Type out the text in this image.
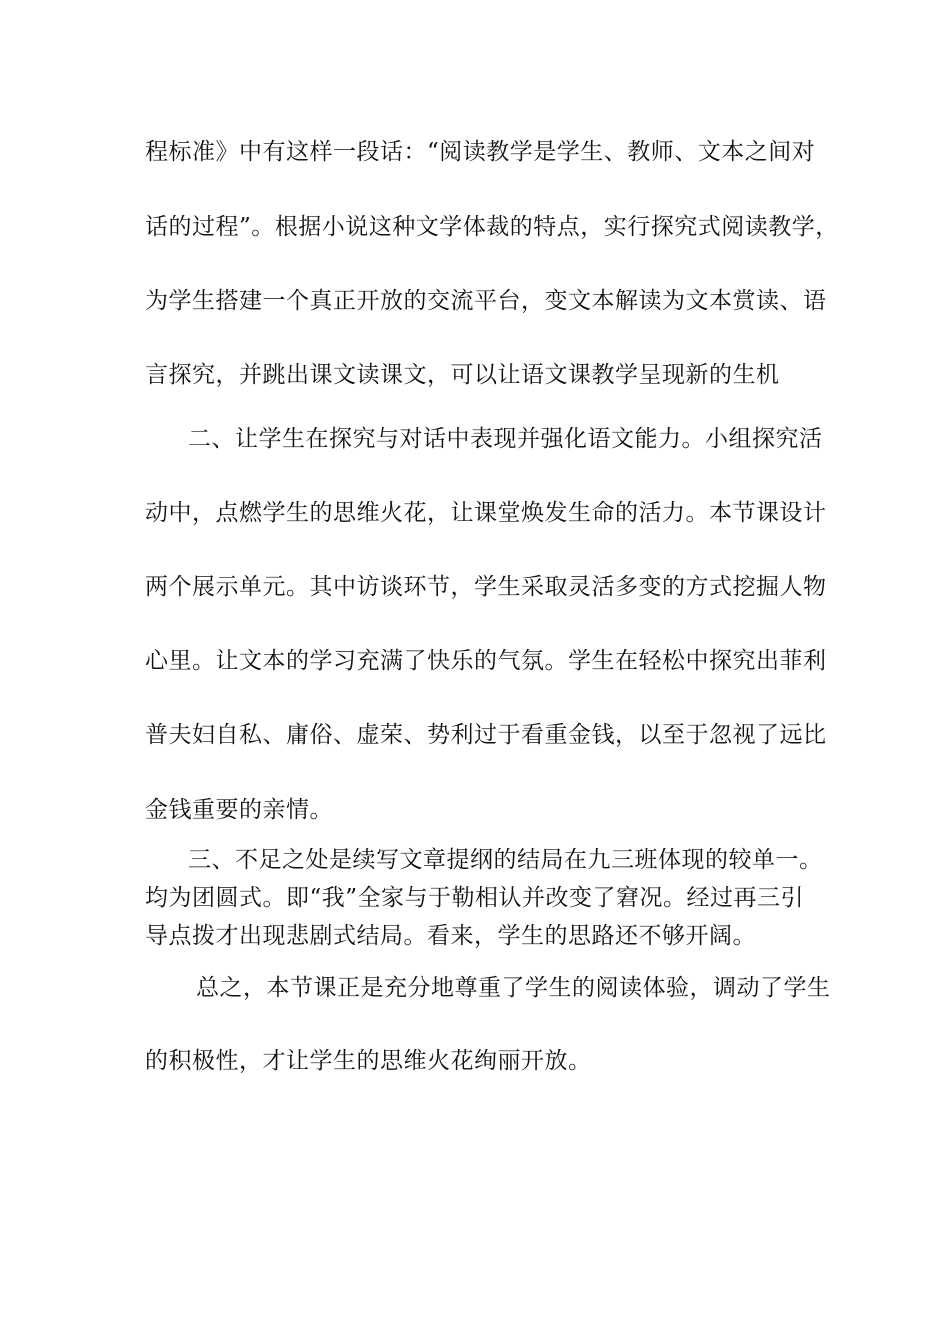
程标准》中有这样一段话：“阅读教学是学生、教师、文本之间对
话的过程”。根据小说这种文学体裁的特点，实行探究式阅读教学，
为学生搭建一个真正开放的交流平台，变文本解读为文本赏读、语
言探究，并跳出课文读课文，可以让语文课教学呈现新的生机
二、让学生在探究与对话中表现并强化语文能力。小组探究活
动中，点燃学生的思维火花，让课堂焕发生命的活力。本节课设计
两个展示单元。其中访谈环节，学生采取灵活多变的方式挖掘人物
心里。让文本的学习充满了快乐的气氛。学生在轻松中探究出菲利
普夫妇自私、庸俗、虚荣、势利过于看重金钱，以至于忽视了远比
金钱重要的亲情。
三、不足之处是续写文章提纲的结局在九三班体现的较单一。
均为团圆式。即“我”全家与于勒相认并改变了窘况。经过再三引
导点拨才出现悲剧式结局。看来，学生的思路还不够开阔。
总之，本节课正是充分地尊重了学生的阅读体验，调动了学生
的积极性，才让学生的思维火花绚丽开放。
